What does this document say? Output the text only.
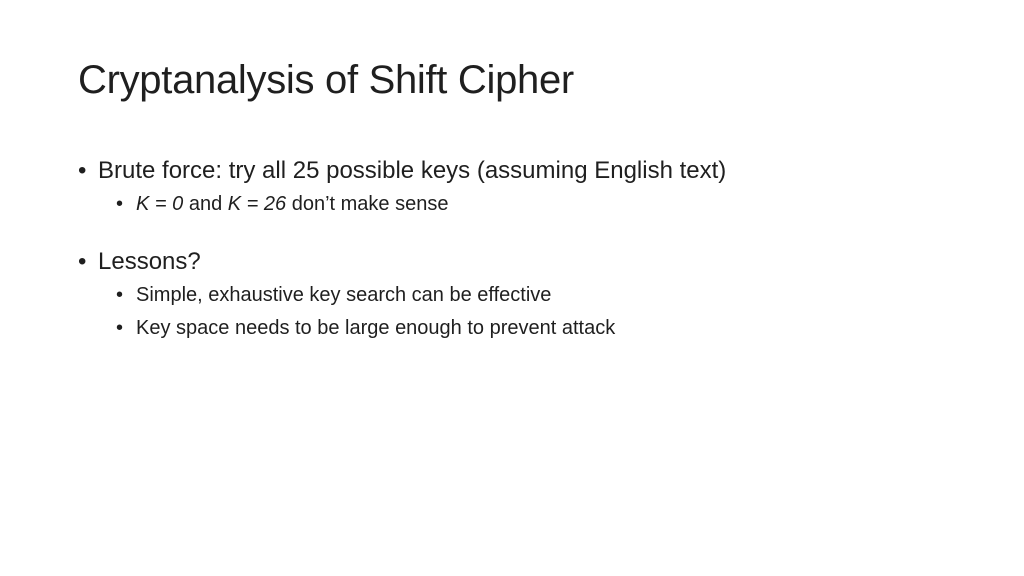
Cryptanalysis of Shift Cipher
• Brute force: try all 25 possible keys (assuming English text)
• K = 0 and K = 26 don’t make sense
• Lessons?
• Simple, exhaustive key search can be effective
• Key space needs to be large enough to prevent attack
